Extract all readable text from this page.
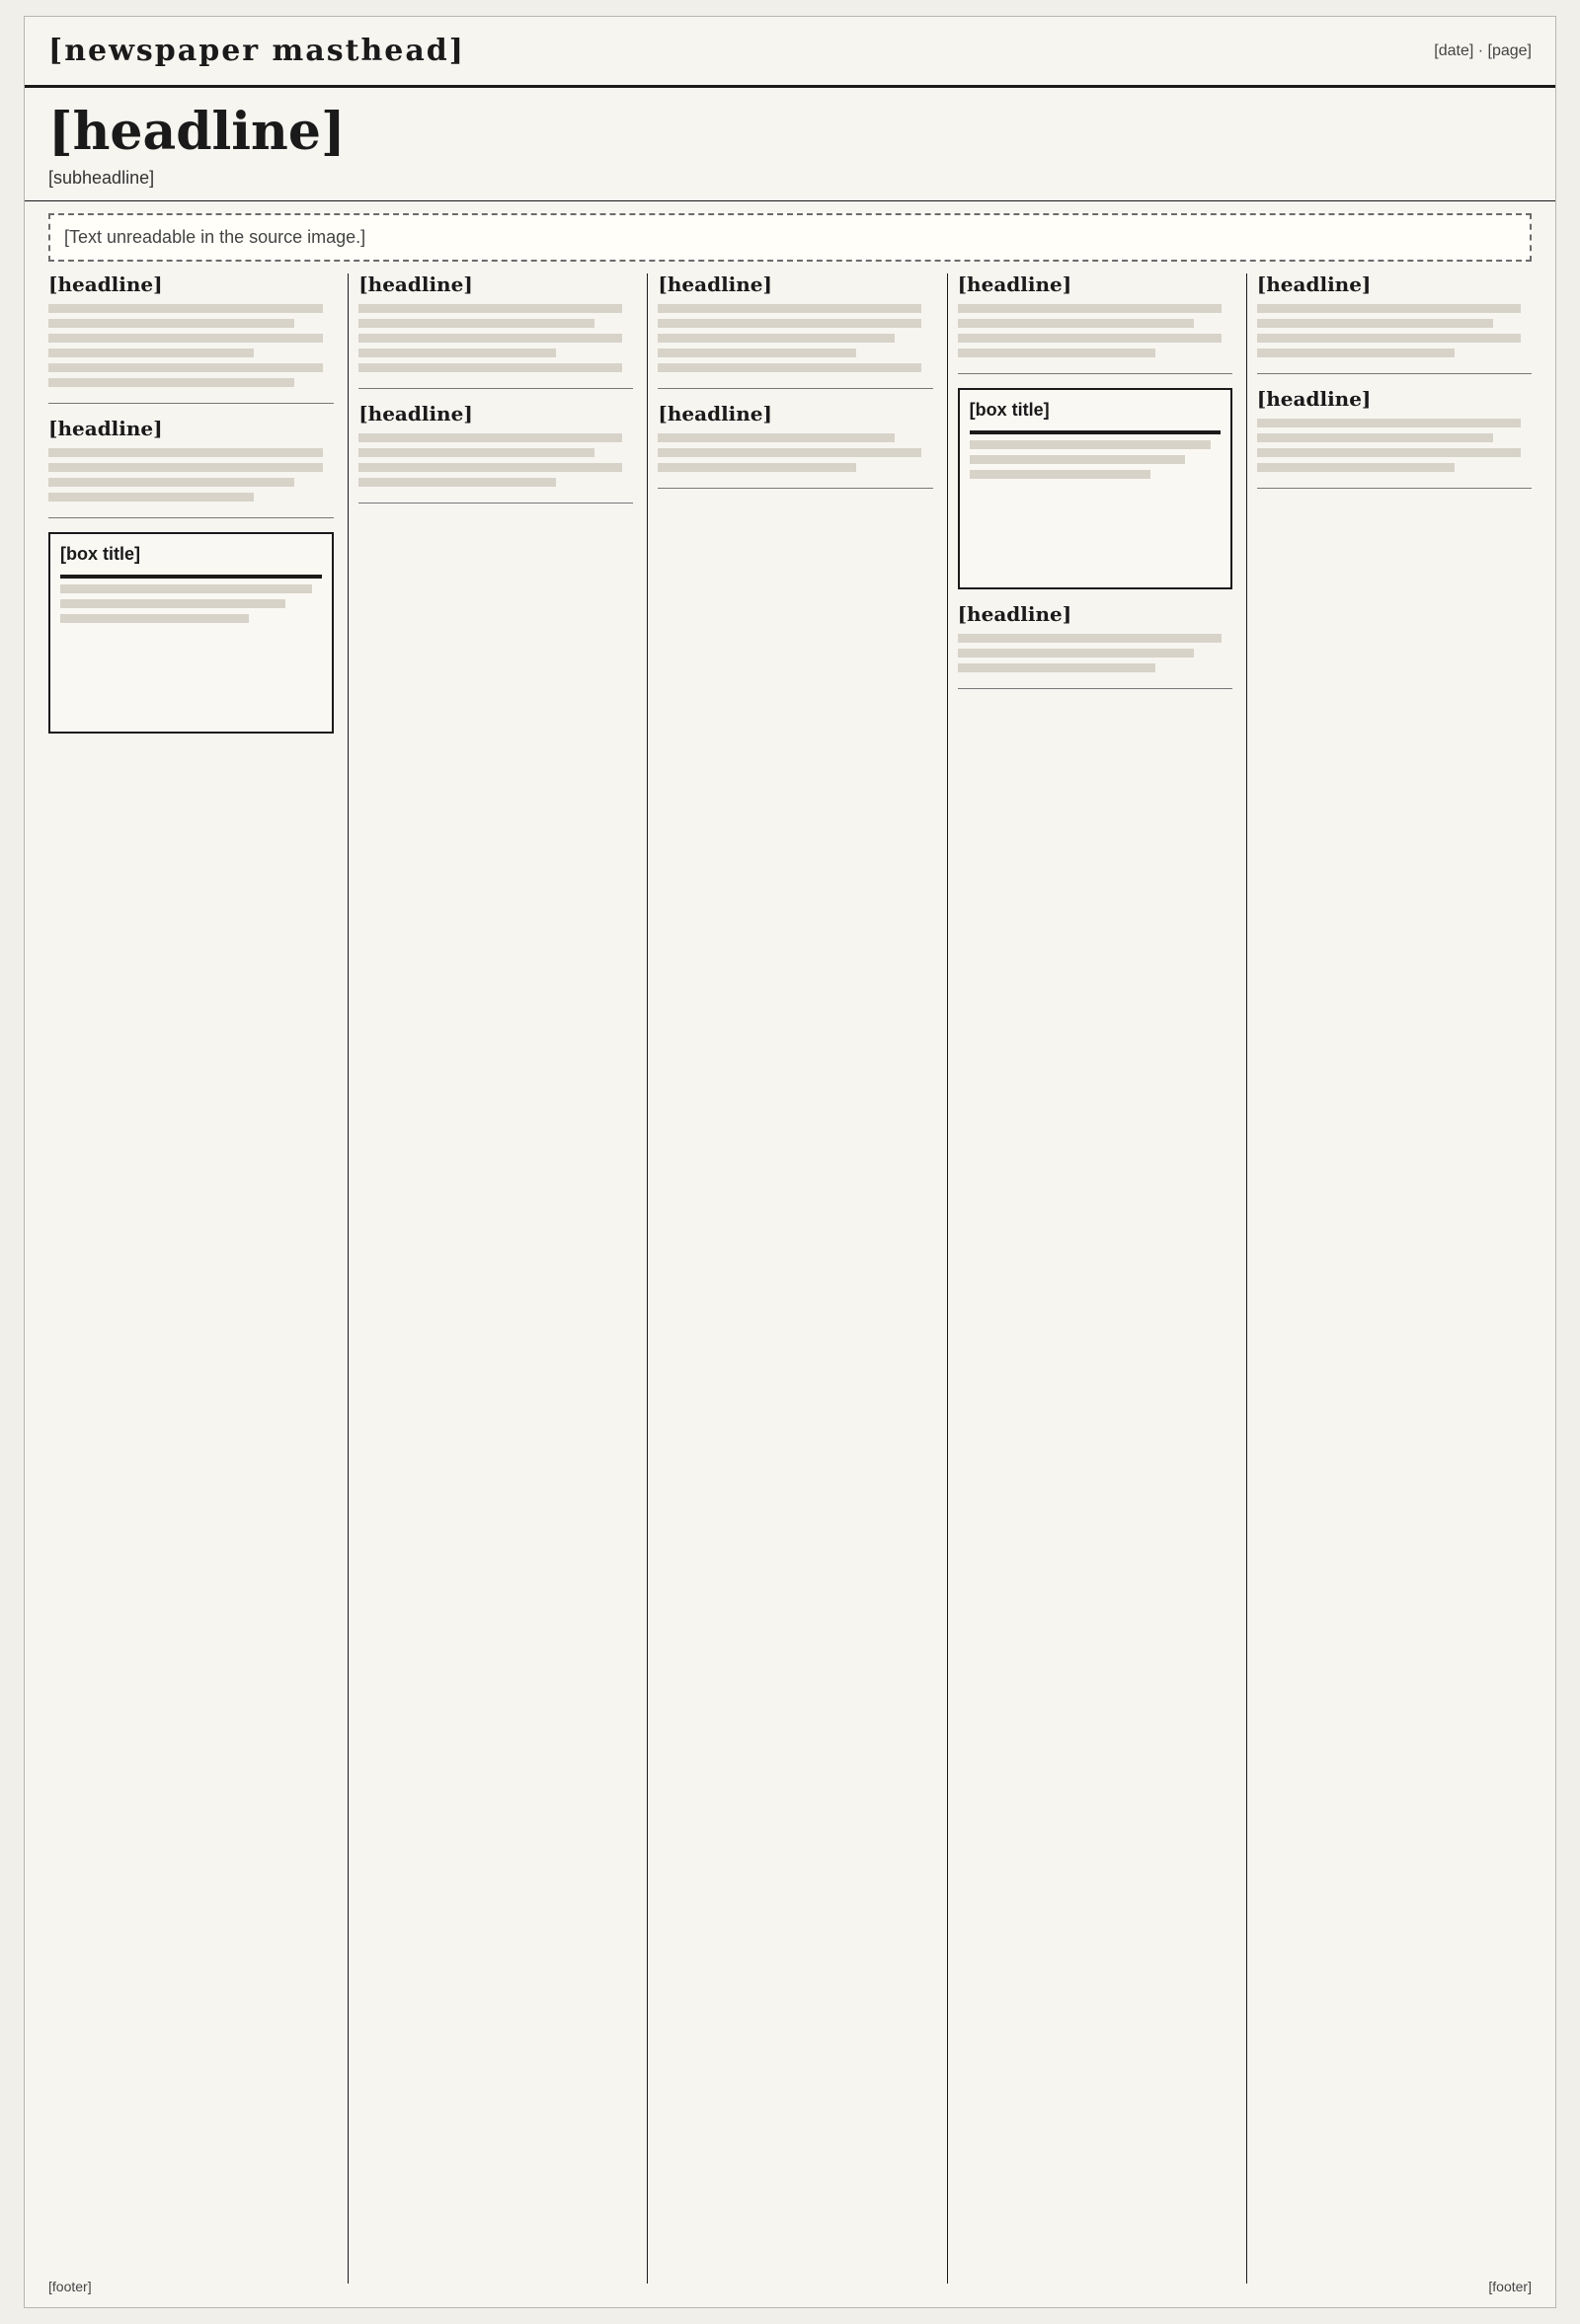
[newspaper masthead]	[date] · [page]
[headline]

[subheadline]

[Text unreadable in the source image.]
[headline]
[headline]
[box title]
[headline]
[headline]
[headline]
[headline]
[headline]
[box title]
[headline]
[headline]
[headline]
[footer]	[footer]
